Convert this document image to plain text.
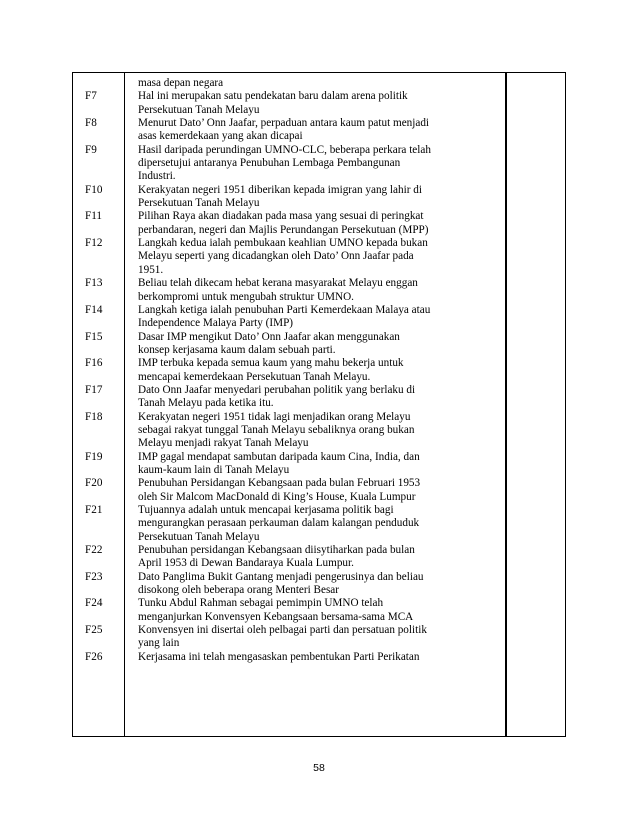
masa depan negara
F7	Hal ini merupakan satu pendekatan baru dalam arena politik
Persekutuan Tanah Melayu
F8	Menurut Dato’ Onn Jaafar, perpaduan antara kaum patut menjadi
asas kemerdekaan yang akan dicapai
F9	Hasil daripada perundingan UMNO-CLC, beberapa perkara telah
dipersetujui antaranya Penubuhan Lembaga Pembangunan
Industri.
F10	Kerakyatan negeri 1951 diberikan kepada imigran yang lahir di
Persekutuan Tanah Melayu
F11	Pilihan Raya akan diadakan pada masa yang sesuai di peringkat
perbandaran, negeri dan Majlis Perundangan Persekutuan (MPP)
F12	Langkah kedua ialah pembukaan keahlian UMNO kepada bukan
Melayu seperti yang dicadangkan oleh Dato’ Onn Jaafar pada
1951.
F13	Beliau telah dikecam hebat kerana masyarakat Melayu enggan
berkompromi untuk mengubah struktur UMNO.
F14	Langkah ketiga ialah penubuhan Parti Kemerdekaan Malaya atau
Independence Malaya Party (IMP)
F15	Dasar IMP mengikut Dato’ Onn Jaafar akan menggunakan
konsep kerjasama kaum dalam sebuah parti.
F16	IMP terbuka kepada semua kaum yang mahu bekerja untuk
mencapai kemerdekaan Persekutuan Tanah Melayu.
F17	Dato Onn Jaafar menyedari perubahan politik yang berlaku di
Tanah Melayu pada ketika itu.
F18	Kerakyatan negeri 1951 tidak lagi menjadikan orang Melayu
sebagai rakyat tunggal Tanah Melayu sebaliknya orang bukan
Melayu menjadi rakyat Tanah Melayu
F19	IMP gagal mendapat sambutan daripada kaum Cina, India, dan
kaum-kaum lain di Tanah Melayu
F20	Penubuhan Persidangan Kebangsaan pada bulan Februari 1953
oleh Sir Malcom MacDonald di King’s House, Kuala Lumpur
F21	Tujuannya adalah untuk mencapai kerjasama politik bagi
mengurangkan perasaan perkauman dalam kalangan penduduk
Persekutuan Tanah Melayu
F22	Penubuhan persidangan Kebangsaan diisytiharkan pada bulan
April 1953 di Dewan Bandaraya Kuala Lumpur.
F23	Dato Panglima Bukit Gantang menjadi pengerusinya dan beliau
disokong oleh beberapa orang Menteri Besar
F24	Tunku Abdul Rahman sebagai pemimpin UMNO telah
menganjurkan Konvensyen Kebangsaan bersama-sama MCA
F25	Konvensyen ini disertai oleh pelbagai parti dan persatuan politik
yang lain
F26	Kerjasama ini telah mengasaskan pembentukan Parti Perikatan
58
